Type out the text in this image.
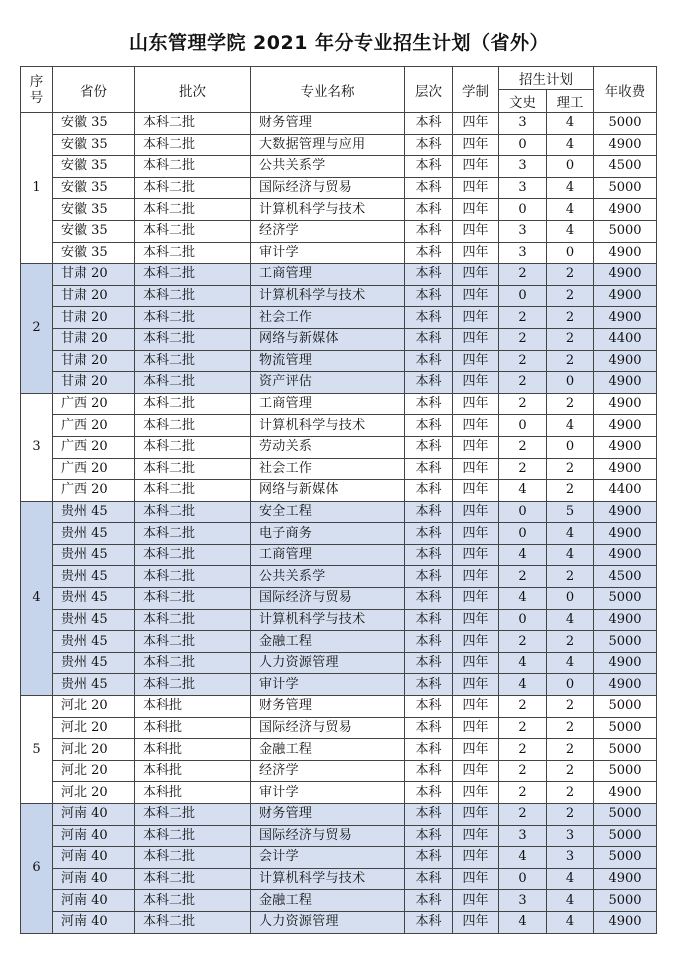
山东管理学院 2021 年分专业招生计划（省外）
序
号	省份	批次	专业名称	层次	学制	招生计划		年收费
						文史	理工	
1	安徽 35	本科二批	财务管理	本科	四年	3	4	5000
	安徽 35	本科二批	大数据管理与应用	本科	四年	0	4	4900
	安徽 35	本科二批	公共关系学	本科	四年	3	0	4500
	安徽 35	本科二批	国际经济与贸易	本科	四年	3	4	5000
	安徽 35	本科二批	计算机科学与技术	本科	四年	0	4	4900
	安徽 35	本科二批	经济学	本科	四年	3	4	5000
	安徽 35	本科二批	审计学	本科	四年	3	0	4900
2	甘肃 20	本科二批	工商管理	本科	四年	2	2	4900
	甘肃 20	本科二批	计算机科学与技术	本科	四年	0	2	4900
	甘肃 20	本科二批	社会工作	本科	四年	2	2	4900
	甘肃 20	本科二批	网络与新媒体	本科	四年	2	2	4400
	甘肃 20	本科二批	物流管理	本科	四年	2	2	4900
	甘肃 20	本科二批	资产评估	本科	四年	2	0	4900
3	广西 20	本科二批	工商管理	本科	四年	2	2	4900
	广西 20	本科二批	计算机科学与技术	本科	四年	0	4	4900
	广西 20	本科二批	劳动关系	本科	四年	2	0	4900
	广西 20	本科二批	社会工作	本科	四年	2	2	4900
	广西 20	本科二批	网络与新媒体	本科	四年	4	2	4400
4	贵州 45	本科二批	安全工程	本科	四年	0	5	4900
	贵州 45	本科二批	电子商务	本科	四年	0	4	4900
	贵州 45	本科二批	工商管理	本科	四年	4	4	4900
	贵州 45	本科二批	公共关系学	本科	四年	2	2	4500
	贵州 45	本科二批	国际经济与贸易	本科	四年	4	0	5000
	贵州 45	本科二批	计算机科学与技术	本科	四年	0	4	4900
	贵州 45	本科二批	金融工程	本科	四年	2	2	5000
	贵州 45	本科二批	人力资源管理	本科	四年	4	4	4900
	贵州 45	本科二批	审计学	本科	四年	4	0	4900
5	河北 20	本科批	财务管理	本科	四年	2	2	5000
	河北 20	本科批	国际经济与贸易	本科	四年	2	2	5000
	河北 20	本科批	金融工程	本科	四年	2	2	5000
	河北 20	本科批	经济学	本科	四年	2	2	5000
	河北 20	本科批	审计学	本科	四年	2	2	4900
6	河南 40	本科二批	财务管理	本科	四年	2	2	5000
	河南 40	本科二批	国际经济与贸易	本科	四年	3	3	5000
	河南 40	本科二批	会计学	本科	四年	4	3	5000
	河南 40	本科二批	计算机科学与技术	本科	四年	0	4	4900
	河南 40	本科二批	金融工程	本科	四年	3	4	5000
	河南 40	本科二批	人力资源管理	本科	四年	4	4	4900
